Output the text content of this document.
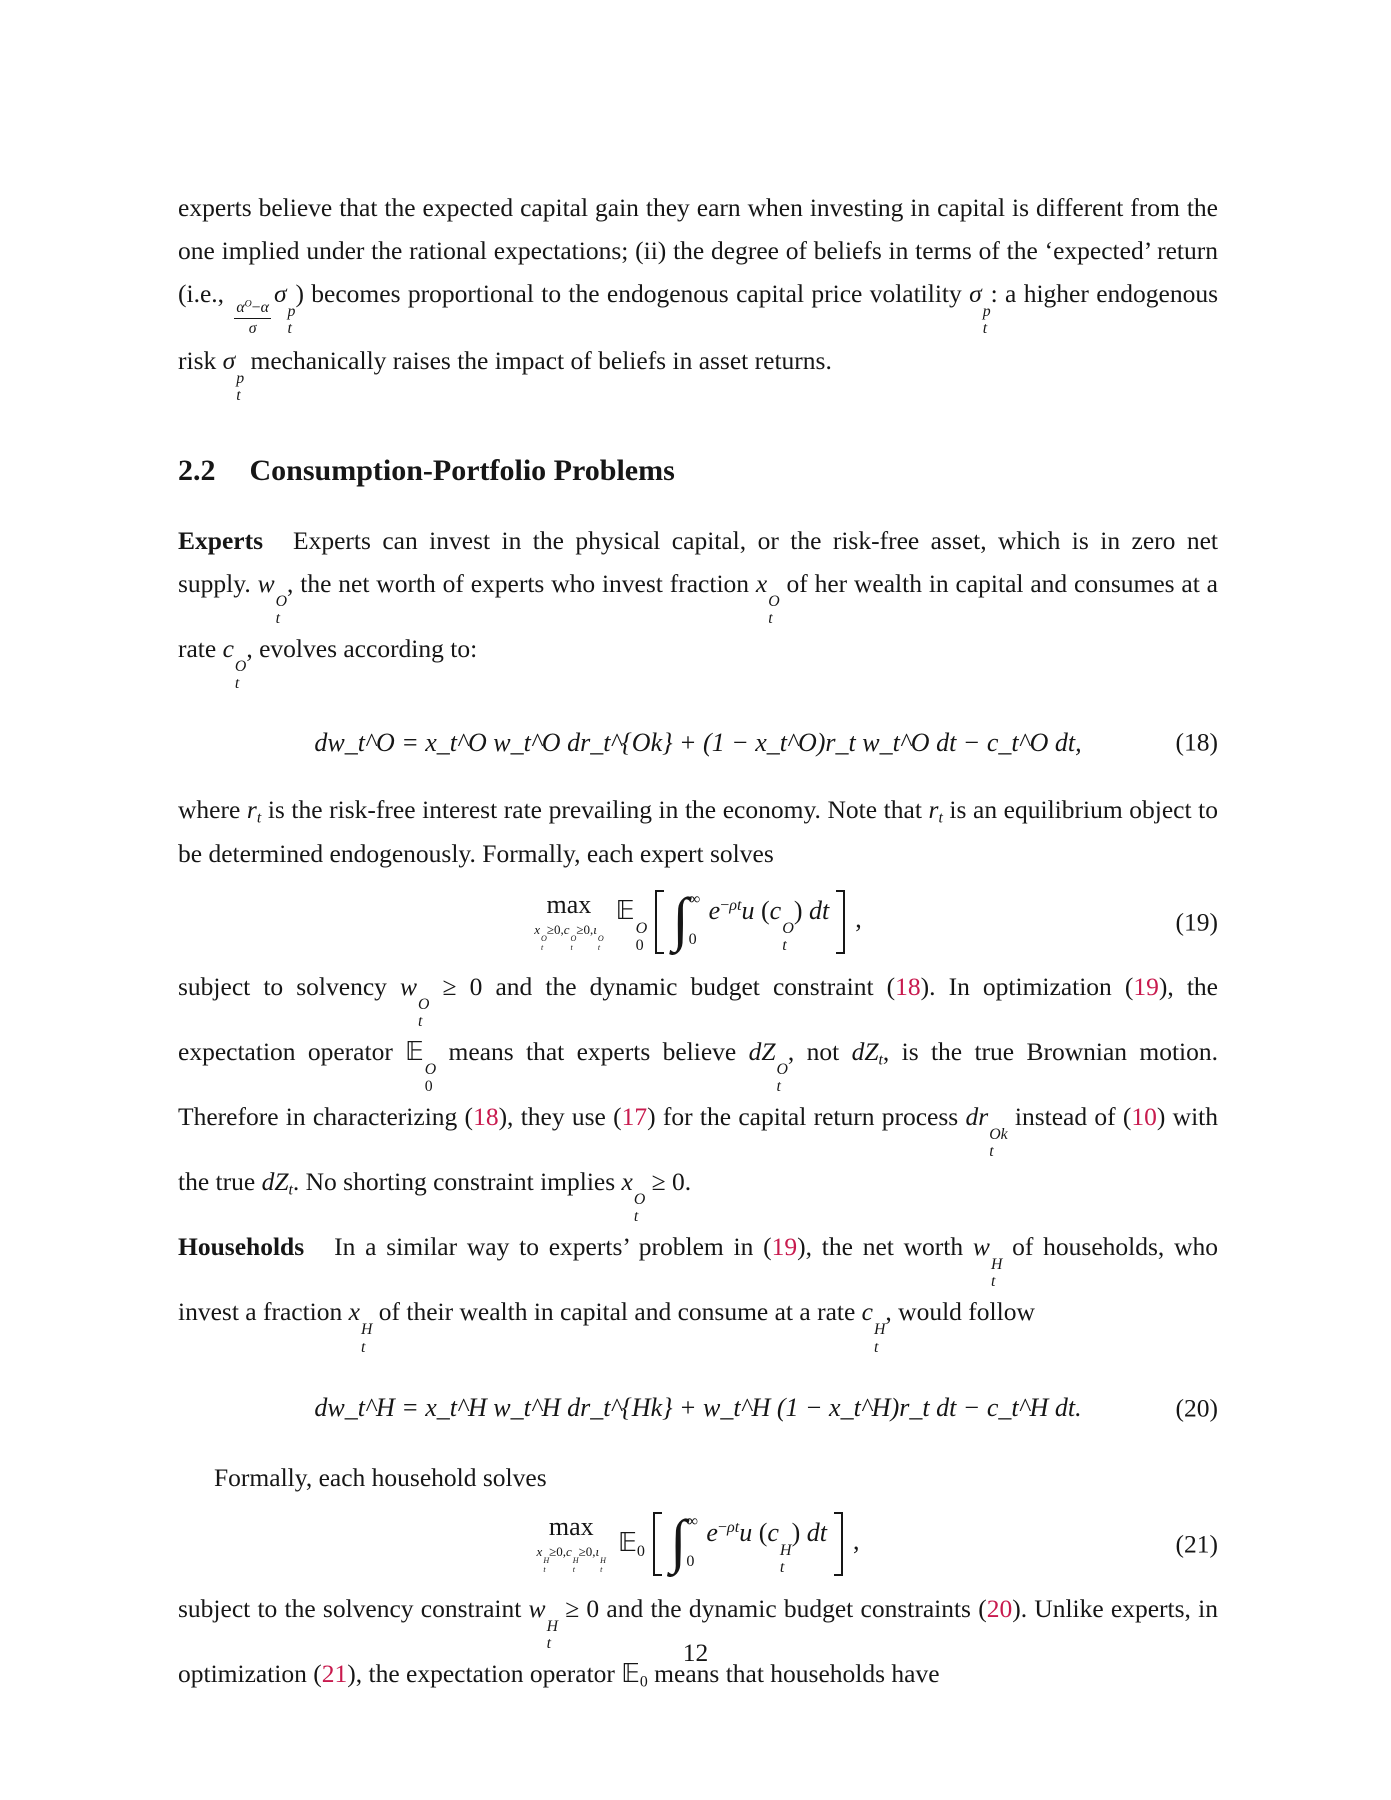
experts believe that the expected capital gain they earn when investing in capital is different from the one implied under the rational expectations; (ii) the degree of beliefs in terms of the ‘expected’ return (i.e.,
$\frac{\alpha^O-\alpha}{\sigma}$
σ
p
t
) becomes proportional to the endogenous capital price volatility σ
p
t
: a higher endogenous risk σ
p
t
mechanically raises the impact of beliefs in asset returns.

2.2 Consumption-Portfolio Problems

Experts Experts can invest in the physical capital, or the risk-free asset, which is in zero net supply. w
O
t
, the net worth of experts who invest fraction x
O
t
of her wealth in capital and consumes at a rate c
O
t
, evolves according to:

dw_t^O = x_t^O w_t^O dr_t^{Ok} + (1 − x_t^O)r_t w_t^O dt − c_t^O dt,	(18)

where $r_t$ is the risk-free interest rate prevailing in the economy. Note that $r_t$ is an equilibrium object to be determined endogenously. Formally, each expert solves

max
x
O
t
≥0,c
O
t
≥0,ι
O
t
𝔼
O
0 ∫ ∞
0
$e^{-\rho t}u$ (c
O
t
) dt ,	(19)

subject to solvency w
O
t
≥ 0 and the dynamic budget constraint (18). In optimization (19), the expectation operator 𝔼
O
0
means that experts believe dZ
O
t
, not $dZ_t$, is the true Brownian motion. Therefore in characterizing (18), they use (17) for the capital return process dr
Ok
t
instead of (10) with the true $dZ_t$. No shorting constraint implies x
O
t
≥ 0.

Households In a similar way to experts’ problem in (19), the net worth w
H
t
of households, who invest a fraction x
H
t
of their wealth in capital and consume at a rate c
H
t
, would follow

dw_t^H = x_t^H w_t^H dr_t^{Hk} + w_t^H (1 − x_t^H)r_t dt − c_t^H dt.	(20)

Formally, each household solves

max
x
H
t
≥0,c
H
t
≥0,ι
H
t
𝔼$_0$ ∫ ∞
0
$e^{-\rho t}u$ (c
H
t
) dt ,	(21)

subject to the solvency constraint w
H
t
≥ 0 and the dynamic budget constraints (20). Unlike experts, in optimization (21), the expectation operator 𝔼$_0$ means that households have

12
